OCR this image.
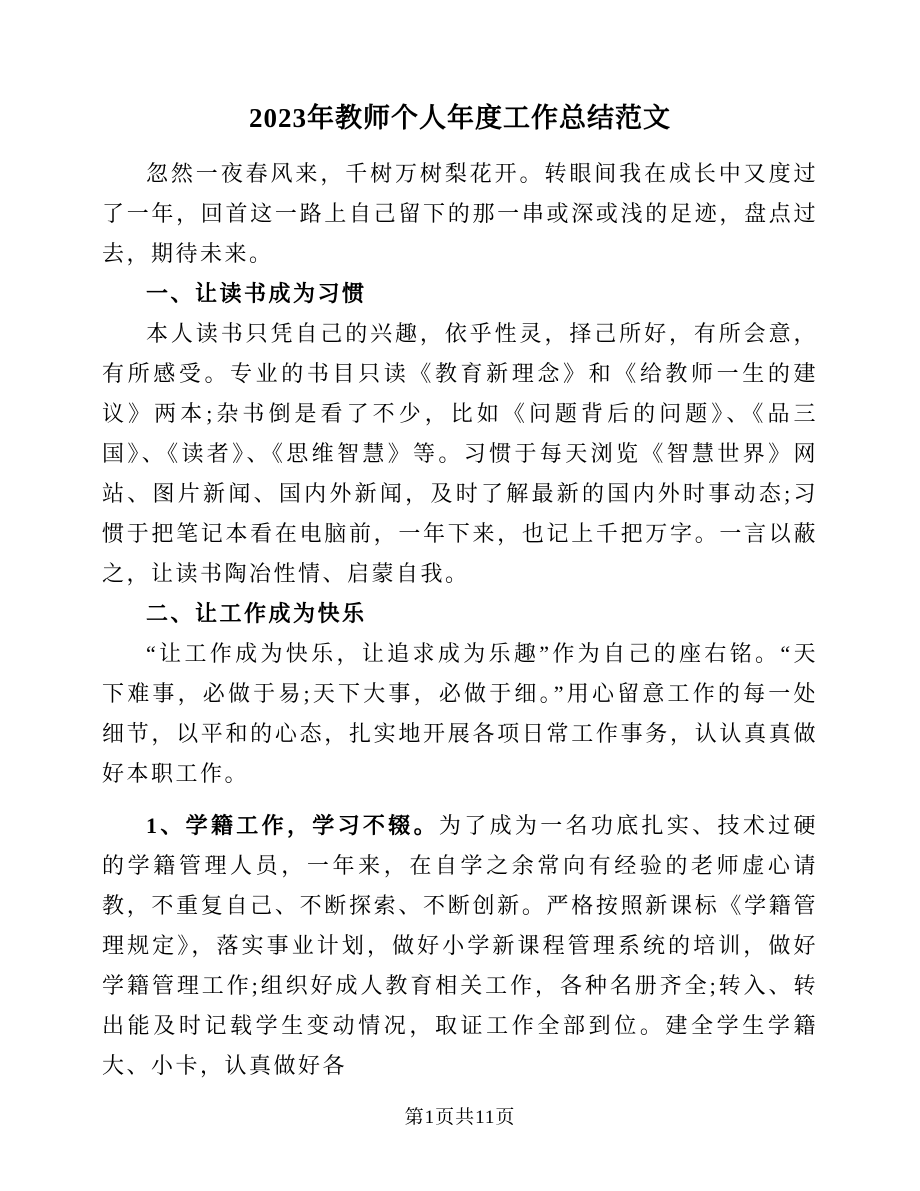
2023年教师个人年度工作总结范文

忽然一夜春风来，千树万树梨花开。转眼间我在成长中又度过了一年，回首这一路上自己留下的那一串或深或浅的足迹，盘点过去，期待未来。

一、让读书成为习惯

本人读书只凭自己的兴趣，依乎性灵，择己所好，有所会意，有所感受。专业的书目只读《教育新理念》和《给教师一生的建议》两本;杂书倒是看了不少，比如《问题背后的问题》、《品三国》、《读者》、《思维智慧》等。习惯于每天浏览《智慧世界》网站、图片新闻、国内外新闻，及时了解最新的国内外时事动态;习惯于把笔记本看在电脑前，一年下来，也记上千把万字。一言以蔽之，让读书陶冶性情、启蒙自我。

二、让工作成为快乐

“让工作成为快乐，让追求成为乐趣”作为自己的座右铭。“天下难事，必做于易;天下大事，必做于细。”用心留意工作的每一处细节，以平和的心态，扎实地开展各项日常工作事务，认认真真做好本职工作。

1、学籍工作，学习不辍。为了成为一名功底扎实、技术过硬的学籍管理人员，一年来，在自学之余常向有经验的老师虚心请教，不重复自己、不断探索、不断创新。严格按照新课标《学籍管理规定》，落实事业计划，做好小学新课程管理系统的培训，做好学籍管理工作;组织好成人教育相关工作，各种名册齐全;转入、转出能及时记载学生变动情况，取证工作全部到位。建全学生学籍大、小卡，认真做好各

第1页共11页
